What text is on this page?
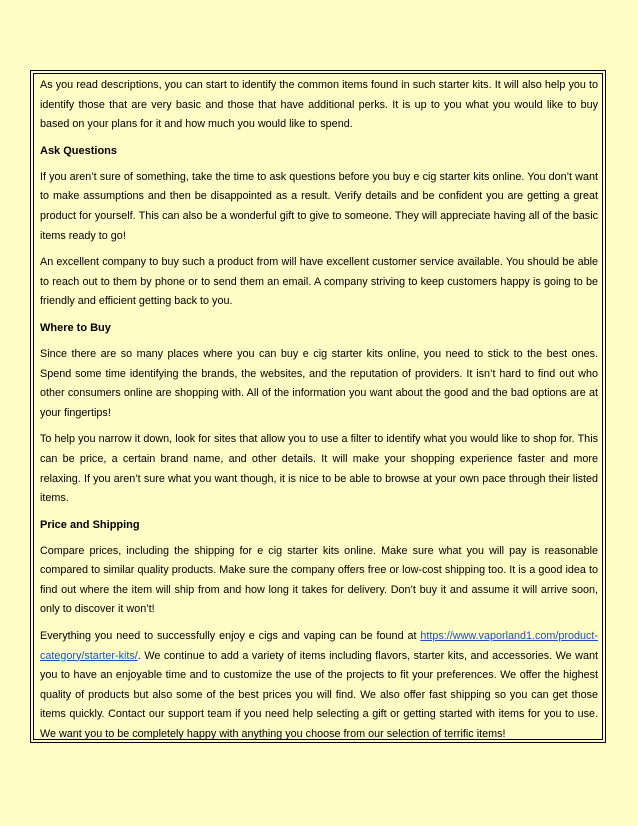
As you read descriptions, you can start to identify the common items found in such starter kits. It will also help you to identify those that are very basic and those that have additional perks. It is up to you what you would like to buy based on your plans for it and how much you would like to spend.

Ask Questions

If you aren’t sure of something, take the time to ask questions before you buy e cig starter kits online. You don’t want to make assumptions and then be disappointed as a result. Verify details and be confident you are getting a great product for yourself. This can also be a wonderful gift to give to someone. They will appreciate having all of the basic items ready to go!

An excellent company to buy such a product from will have excellent customer service available. You should be able to reach out to them by phone or to send them an email. A company striving to keep customers happy is going to be friendly and efficient getting back to you.

Where to Buy

Since there are so many places where you can buy e cig starter kits online, you need to stick to the best ones. Spend some time identifying the brands, the websites, and the reputation of providers. It isn’t hard to find out who other consumers online are shopping with. All of the information you want about the good and the bad options are at your fingertips!

To help you narrow it down, look for sites that allow you to use a filter to identify what you would like to shop for. This can be price, a certain brand name, and other details. It will make your shopping experience faster and more relaxing. If you aren’t sure what you want though, it is nice to be able to browse at your own pace through their listed items.

Price and Shipping

Compare prices, including the shipping for e cig starter kits online. Make sure what you will pay is reasonable compared to similar quality products. Make sure the company offers free or low-cost shipping too. It is a good idea to find out where the item will ship from and how long it takes for delivery. Don’t buy it and assume it will arrive soon, only to discover it won’t!

Everything you need to successfully enjoy e cigs and vaping can be found at https://www.vaporland1.com/product-category/starter-kits/. We continue to add a variety of items including flavors, starter kits, and accessories. We want you to have an enjoyable time and to customize the use of the projects to fit your preferences. We offer the highest quality of products but also some of the best prices you will find. We also offer fast shipping so you can get those items quickly. Contact our support team if you need help selecting a gift or getting started with items for you to use. We want you to be completely happy with anything you choose from our selection of terrific items!
